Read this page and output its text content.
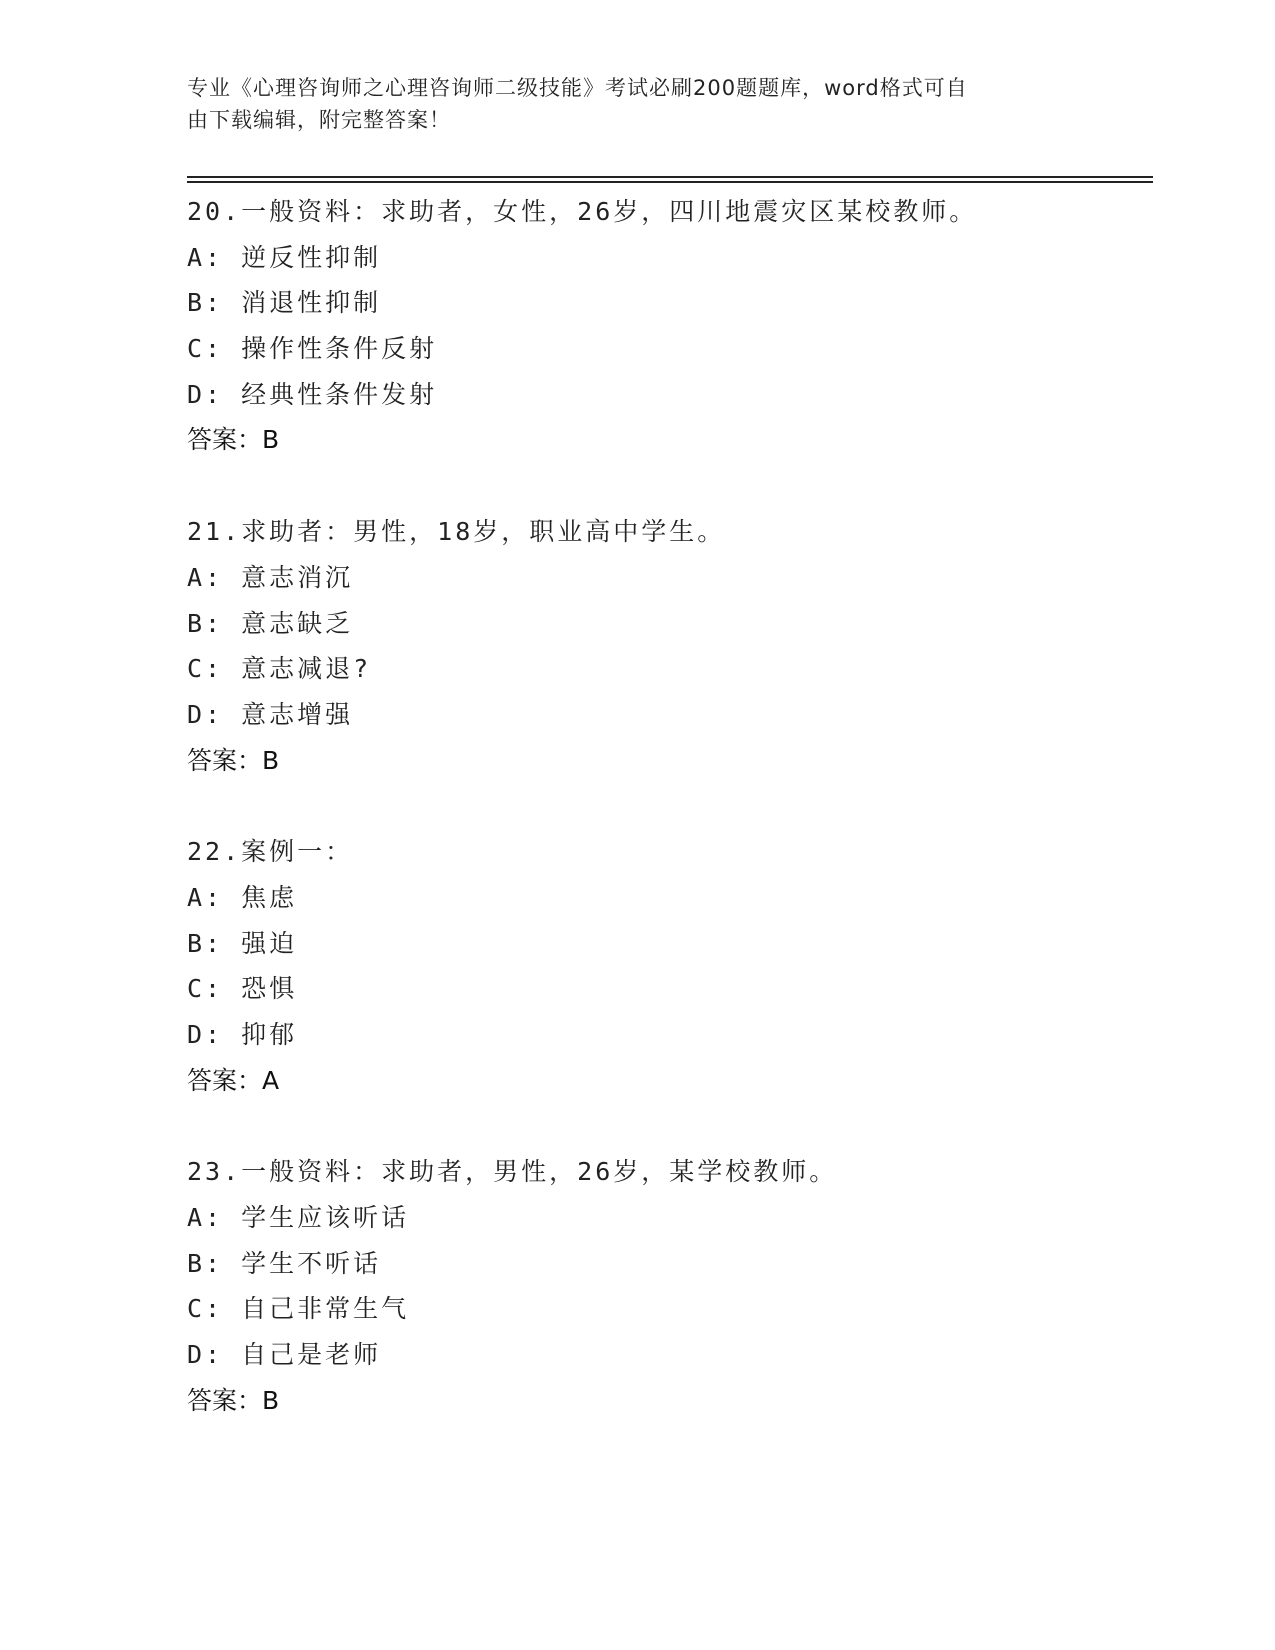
专业《心理咨询师之心理咨询师二级技能》考试必刷200题题库，word格式可自
由下载编辑，附完整答案！
20.一般资料：求助者，女性，26岁，四川地震灾区某校教师。
A: 逆反性抑制
B: 消退性抑制
C: 操作性条件反射
D: 经典性条件发射
答案：B
21.求助者：男性，18岁，职业高中学生。
A: 意志消沉
B: 意志缺乏
C: 意志减退?
D: 意志增强
答案：B
22.案例一：
A: 焦虑
B: 强迫
C: 恐惧
D: 抑郁
答案：A
23.一般资料：求助者，男性，26岁，某学校教师。
A: 学生应该听话
B: 学生不听话
C: 自己非常生气
D: 自己是老师
答案：B
